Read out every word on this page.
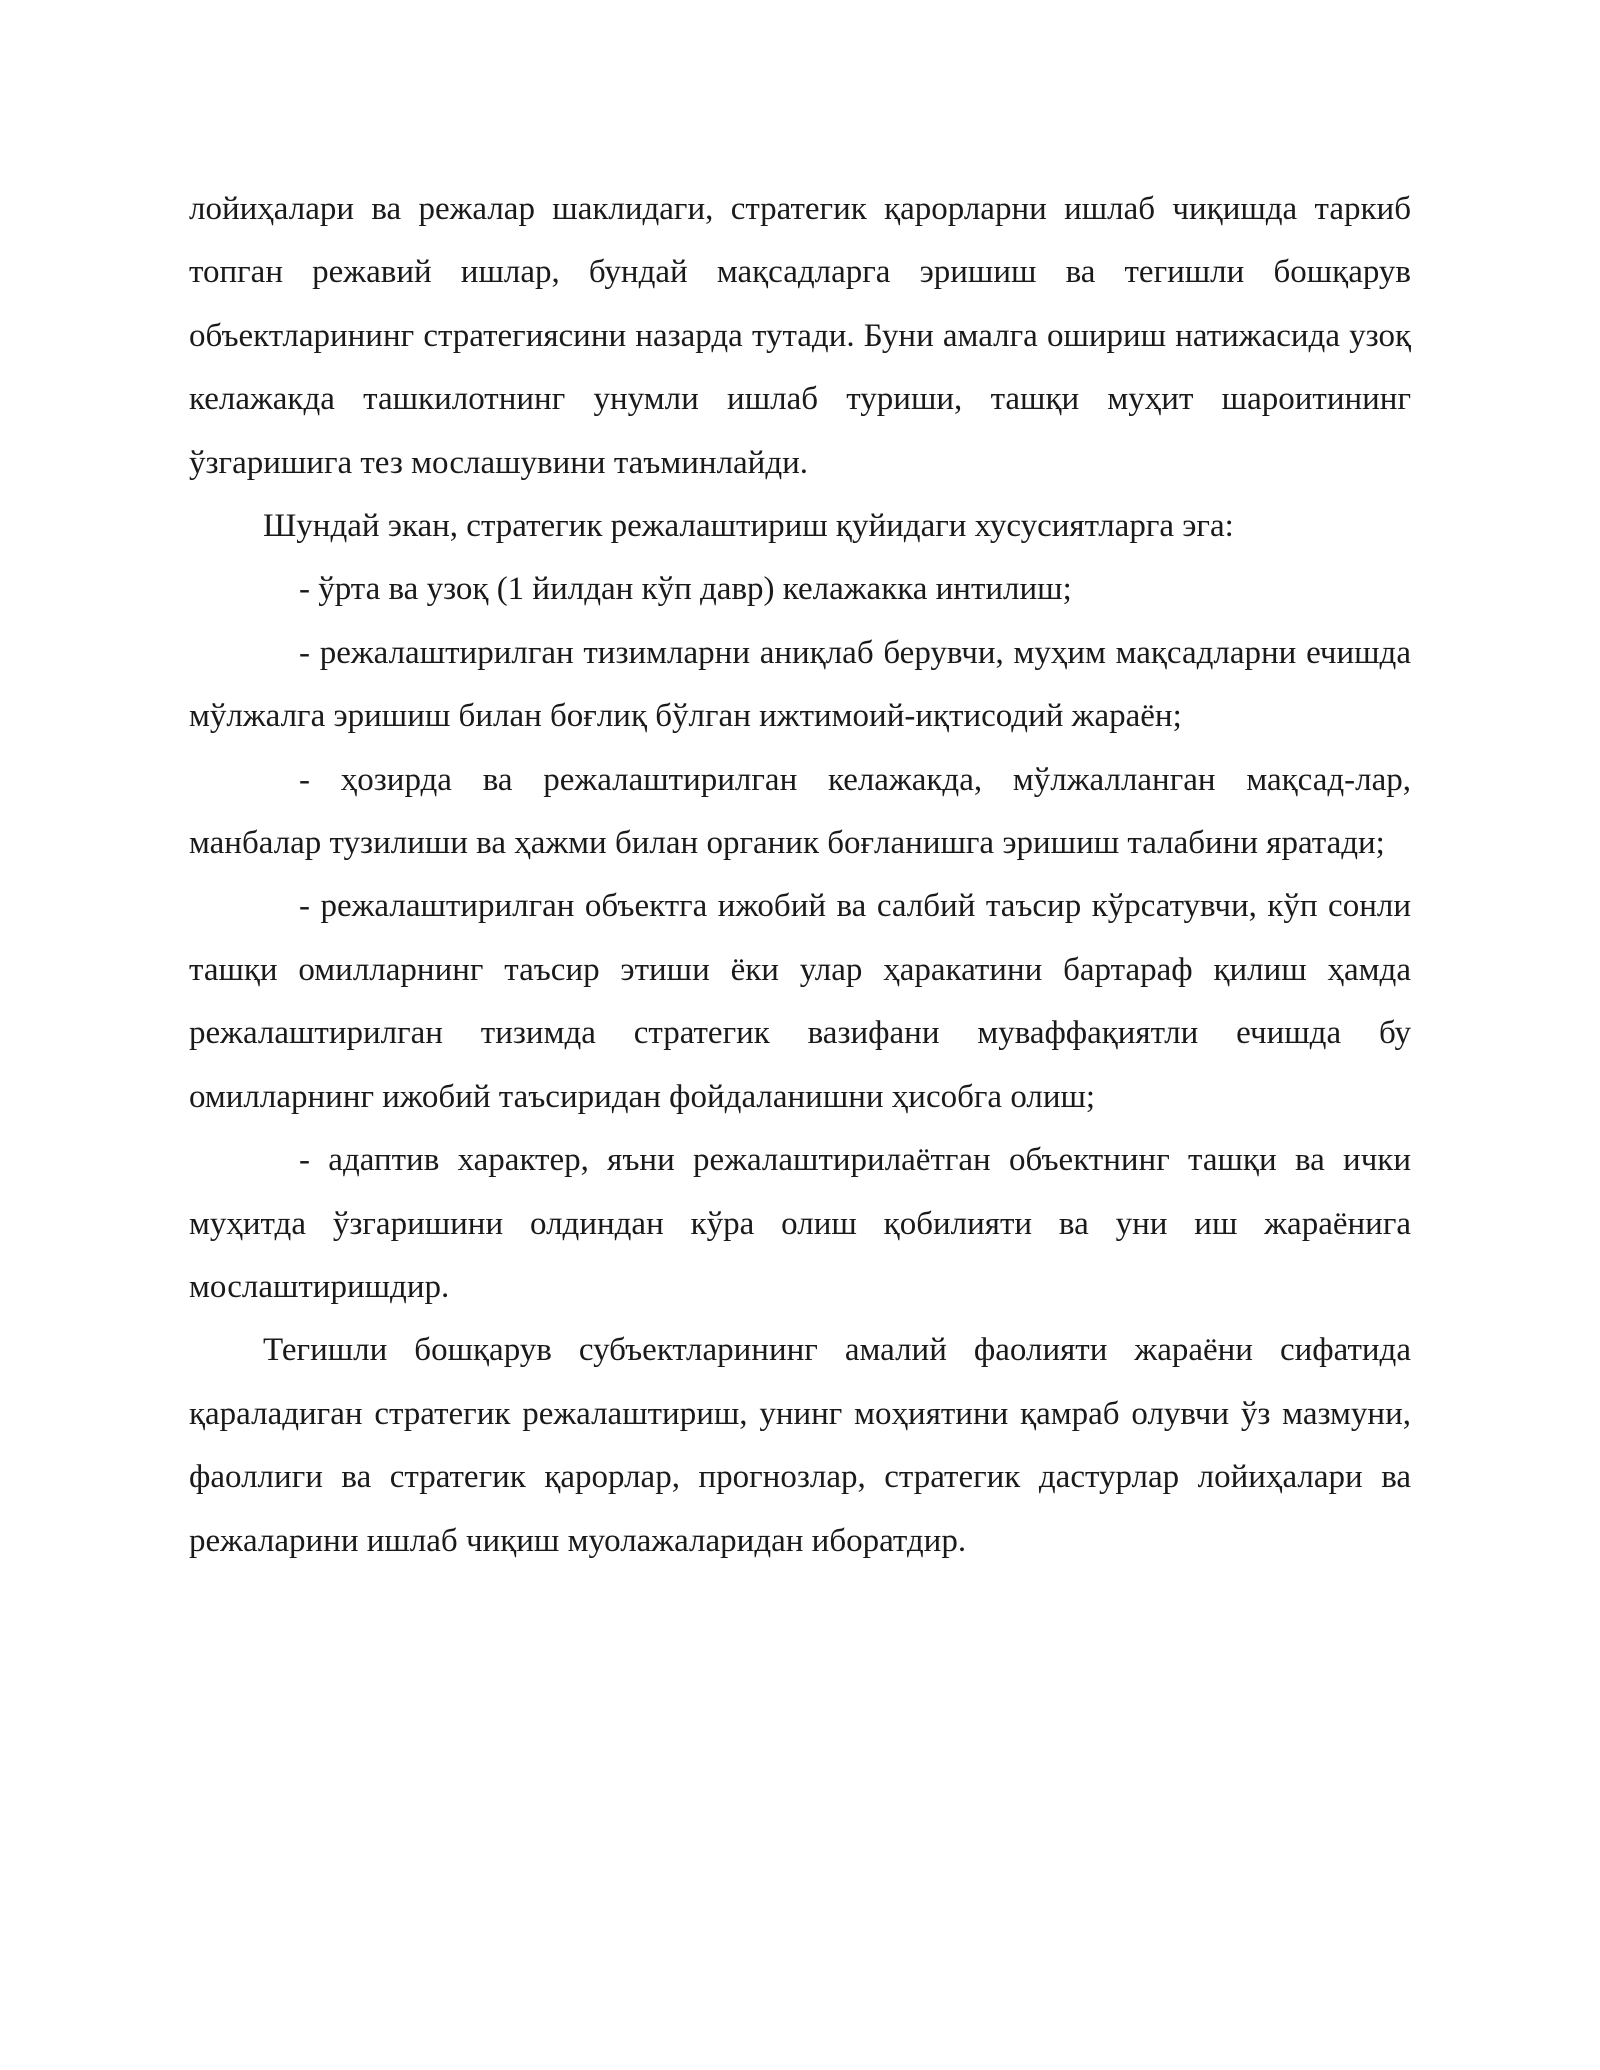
лойиҳалари ва режалар шаклидаги, стратегик қарорларни ишлаб чиқишда таркиб топган режавий ишлар, бундай мақсадларга эришиш ва тегишли бошқарув объектларининг стратегиясини назарда тутади. Буни амалга ошириш натижасида узоқ келажакда ташкилотнинг унумли ишлаб туриши, ташқи муҳит шароитининг ўзгаришига тез мослашувини таъминлайди.

Шундай экан, стратегик режалаштириш қуйидаги хусусиятларга эга:

- ўрта ва узоқ (1 йилдан кўп давр) келажакка интилиш;

- режалаштирилган тизимларни аниқлаб берувчи, муҳим мақсадларни ечишда мўлжалга эришиш билан боғлиқ бўлган ижтимоий-иқтисодий жараён;

- ҳозирда ва режалаштирилган келажакда, мўлжалланган мақсад-лар, манбалар тузилиши ва ҳажми билан органик боғланишга эришиш талабини яратади;

- режалаштирилган объектга ижобий ва салбий таъсир кўрсатувчи, кўп сонли ташқи омилларнинг таъсир этиши ёки улар ҳаракатини бартараф қилиш ҳамда режалаштирилган тизимда стратегик вазифани муваффақиятли ечишда бу омилларнинг ижобий таъсиридан фойдаланишни ҳисобга олиш;

- адаптив характер, яъни режалаштирилаётган объектнинг ташқи ва ички муҳитда ўзгаришини олдиндан кўра олиш қобилияти ва уни иш жараёнига мослаштиришдир.

Тегишли бошқарув субъектларининг амалий фаолияти жараёни сифатида қараладиган стратегик режалаштириш, унинг моҳиятини қамраб олувчи ўз мазмуни, фаоллиги ва стратегик қарорлар, прогнозлар, стратегик дастурлар лойиҳалари ва режаларини ишлаб чиқиш муолажаларидан иборатдир.
